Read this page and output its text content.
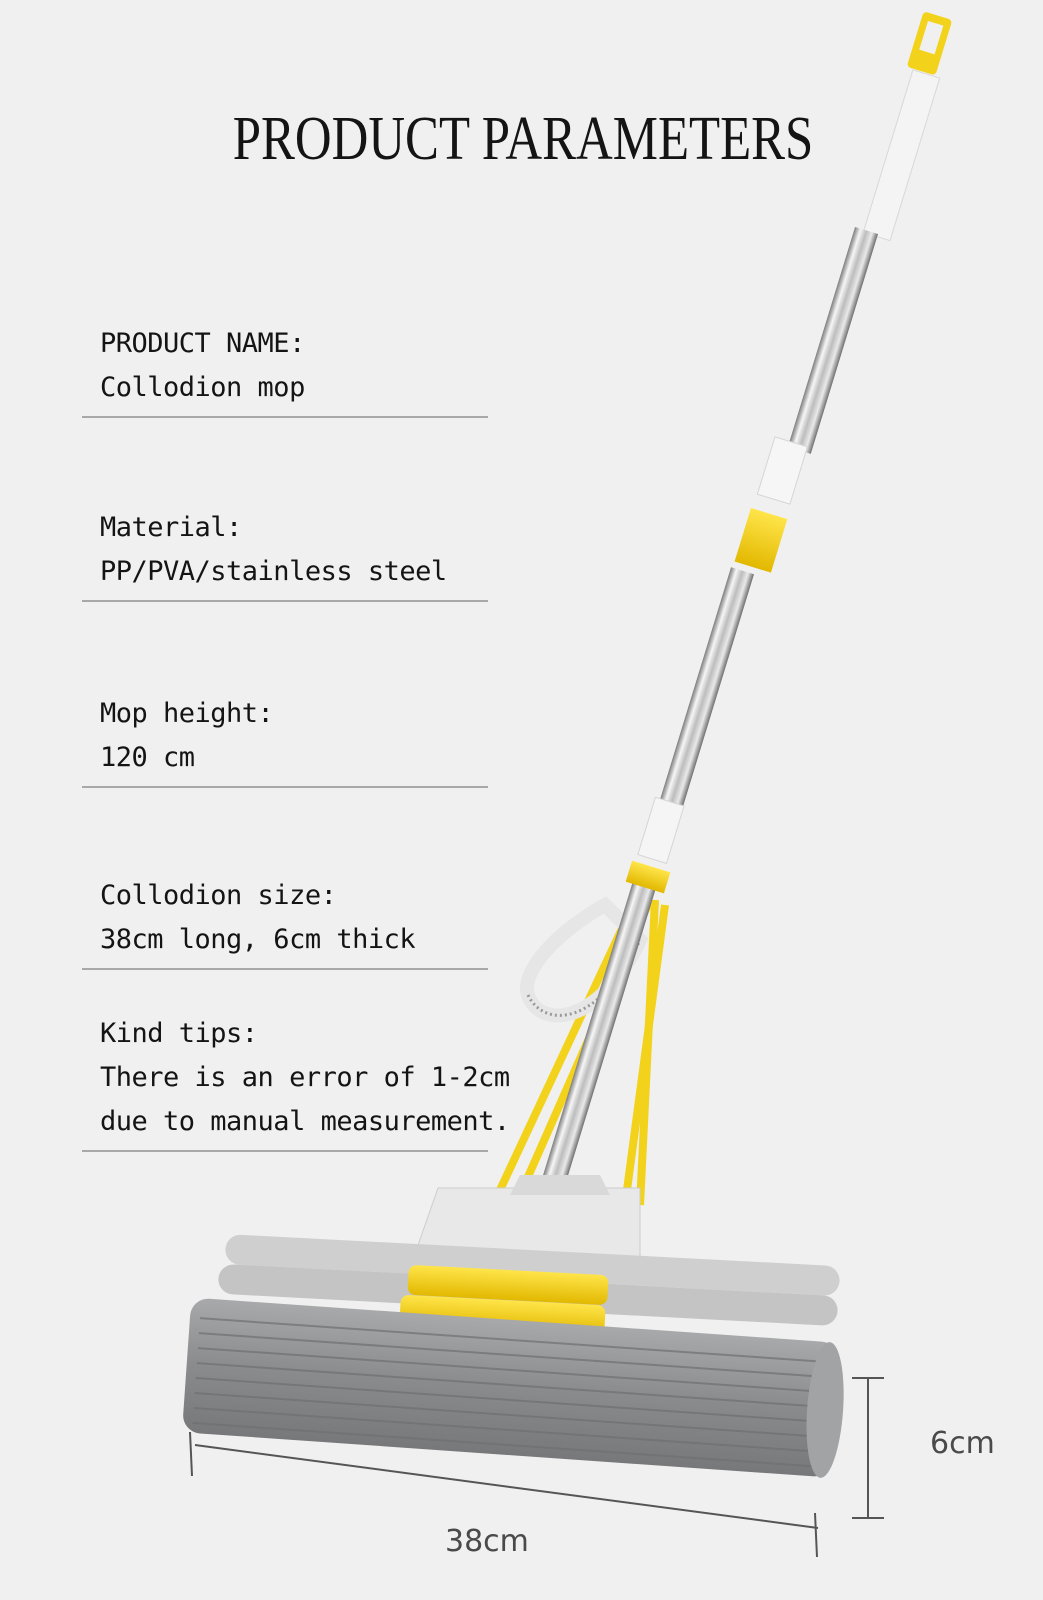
PRODUCT PARAMETERS
PRODUCT NAME:
Collodion mop
Material:
PP/PVA/stainless steel
Mop height:
120 cm
Collodion size:
38cm long, 6cm thick
Kind tips:
There is an error of 1-2cm
due to manual measurement.
6cm
38cm
